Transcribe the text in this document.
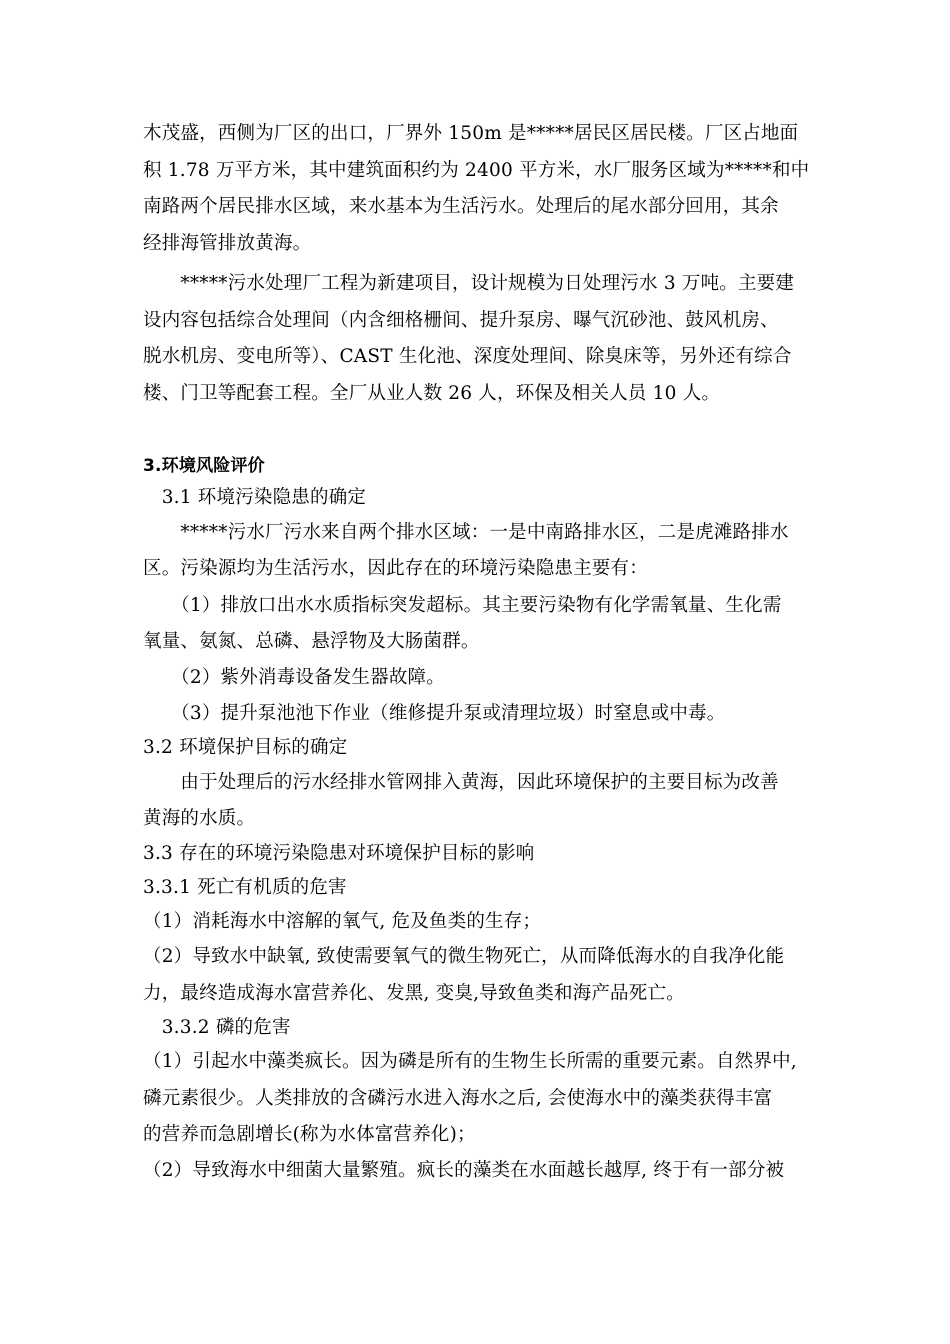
木茂盛，西侧为厂区的出口，厂界外 150m 是*****居民区居民楼。厂区占地面
积 1.78 万平方米，其中建筑面积约为 2400 平方米，水厂服务区域为*****和中
南路两个居民排水区域，来水基本为生活污水。处理后的尾水部分回用，其余
经排海管排放黄海。
　　*****污水处理厂工程为新建项目，设计规模为日处理污水 3 万吨。主要建
设内容包括综合处理间（内含细格栅间、提升泵房、曝气沉砂池、鼓风机房、
脱水机房、变电所等）、CAST 生化池、深度处理间、除臭床等，另外还有综合
楼、门卫等配套工程。全厂从业人数 26 人，环保及相关人员 10 人。
3.环境风险评价
　3.1 环境污染隐患的确定
　　*****污水厂污水来自两个排水区域：一是中南路排水区，二是虎滩路排水
区。污染源均为生活污水，因此存在的环境污染隐患主要有：
　　（1）排放口出水水质指标突发超标。其主要污染物有化学需氧量、生化需
氧量、氨氮、总磷、悬浮物及大肠菌群。
　　（2）紫外消毒设备发生器故障。
　　（3）提升泵池池下作业（维修提升泵或清理垃圾）时窒息或中毒。
3.2 环境保护目标的确定
　　由于处理后的污水经排水管网排入黄海，因此环境保护的主要目标为改善
黄海的水质。
3.3 存在的环境污染隐患对环境保护目标的影响
3.3.1 死亡有机质的危害
（1）消耗海水中溶解的氧气, 危及鱼类的生存；
（2）导致水中缺氧, 致使需要氧气的微生物死亡，从而降低海水的自我净化能
力，最终造成海水富营养化、发黑, 变臭,导致鱼类和海产品死亡。
　3.3.2 磷的危害
（1）引起水中藻类疯长。因为磷是所有的生物生长所需的重要元素。自然界中,
磷元素很少。人类排放的含磷污水进入海水之后, 会使海水中的藻类获得丰富
的营养而急剧增长(称为水体富营养化)；
（2）导致海水中细菌大量繁殖。疯长的藻类在水面越长越厚, 终于有一部分被
